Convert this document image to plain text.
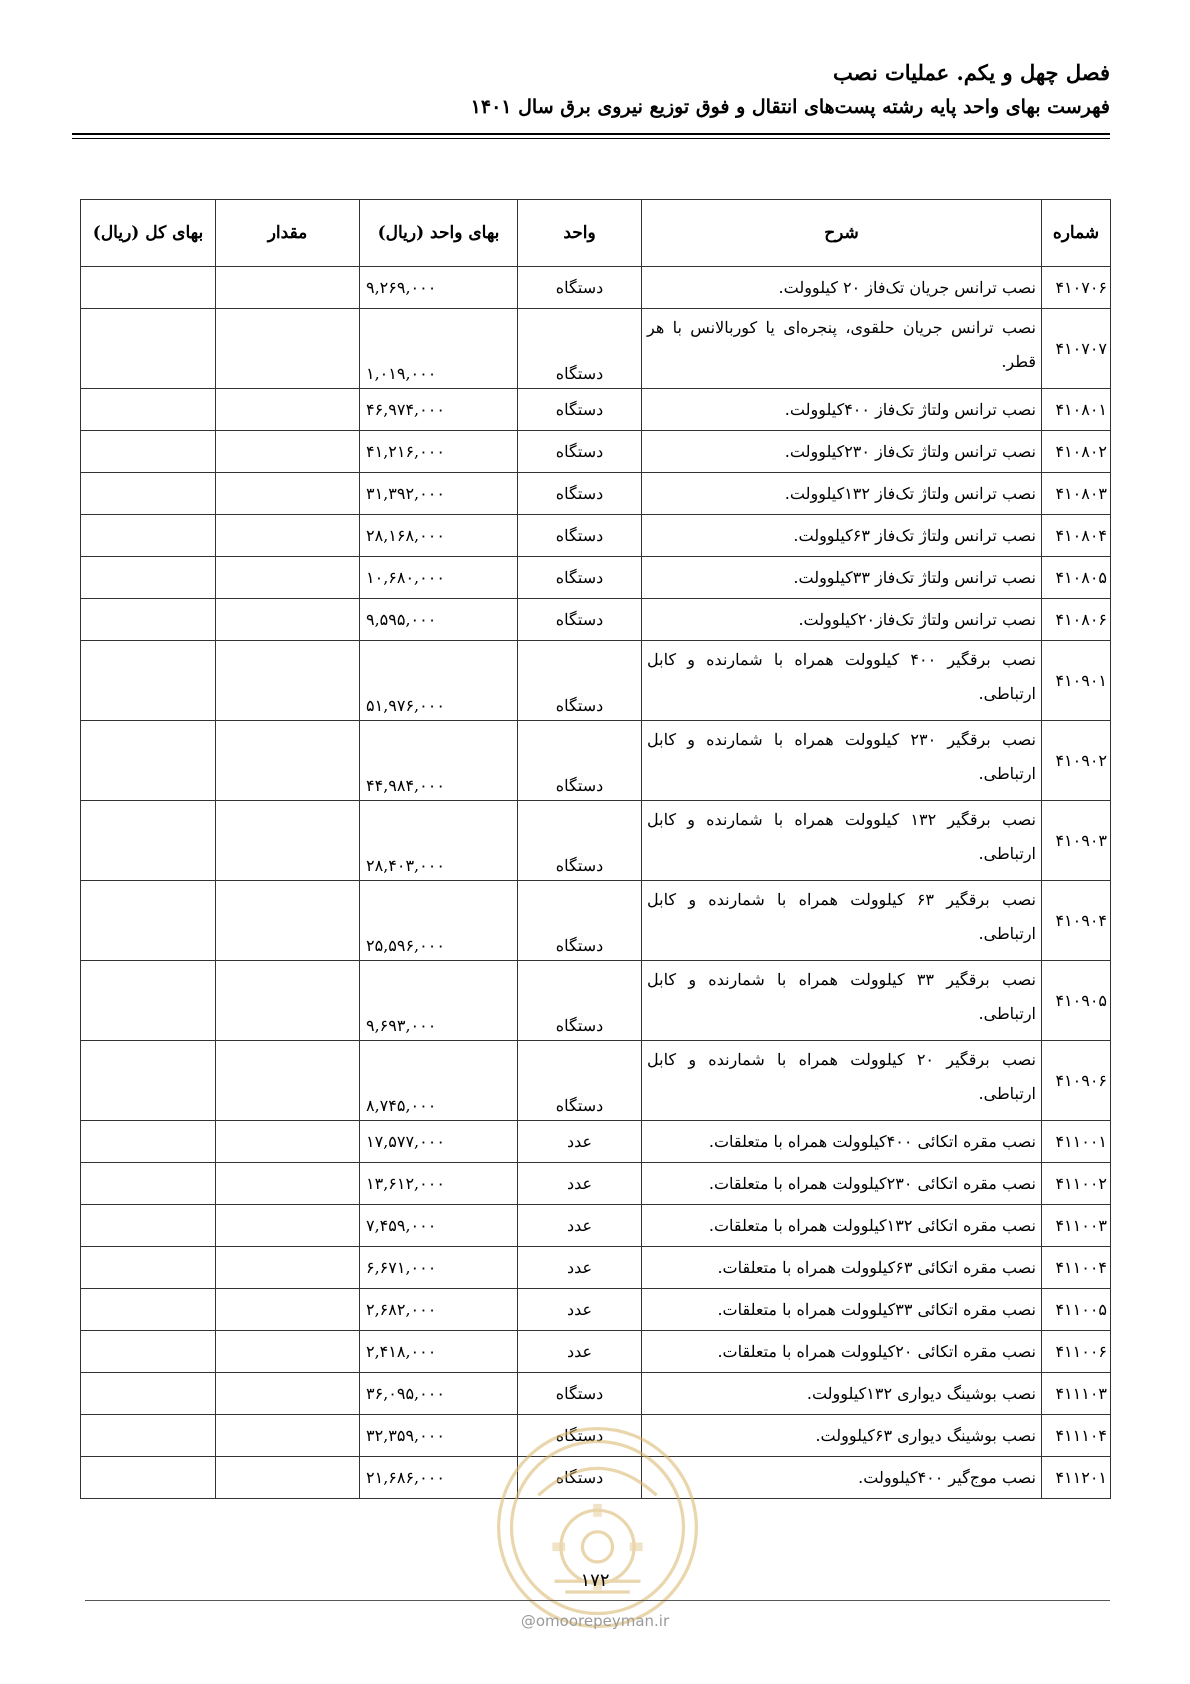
فصل چهل و یکم. عملیات نصب
فهرست بهای واحد پایه رشته پست‌های انتقال و فوق توزیع نیروی برق سال ۱۴۰۱
شماره	شرح	واحد	بهای واحد (ریال)	مقدار	بهای کل (ریال)
۴۱۰۷۰۶	نصب ترانس جریان تک‌فاز ۲۰ کیلوولت.	دستگاه	۹,۲۶۹,۰۰۰		
۴۱۰۷۰۷	نصب ترانس جریان حلقوی، پنجره‌ای یا کوربالانس با هر قطر.	دستگاه	۱,۰۱۹,۰۰۰		
۴۱۰۸۰۱	نصب ترانس ولتاژ تک‌فاز ۴۰۰کیلوولت.	دستگاه	۴۶,۹۷۴,۰۰۰		
۴۱۰۸۰۲	نصب ترانس ولتاژ تک‌فاز ۲۳۰کیلوولت.	دستگاه	۴۱,۲۱۶,۰۰۰		
۴۱۰۸۰۳	نصب ترانس ولتاژ تک‌فاز ۱۳۲کیلوولت.	دستگاه	۳۱,۳۹۲,۰۰۰		
۴۱۰۸۰۴	نصب ترانس ولتاژ تک‌فاز ۶۳کیلوولت.	دستگاه	۲۸,۱۶۸,۰۰۰		
۴۱۰۸۰۵	نصب ترانس ولتاژ تک‌فاز ۳۳کیلوولت.	دستگاه	۱۰,۶۸۰,۰۰۰		
۴۱۰۸۰۶	نصب ترانس ولتاژ تک‌فاز۲۰کیلوولت.	دستگاه	۹,۵۹۵,۰۰۰		
۴۱۰۹۰۱	نصب برقگیر ۴۰۰ کیلوولت همراه با شمارنده و کابل ارتباطی.	دستگاه	۵۱,۹۷۶,۰۰۰		
۴۱۰۹۰۲	نصب برقگیر ۲۳۰ کیلوولت همراه با شمارنده و کابل ارتباطی.	دستگاه	۴۴,۹۸۴,۰۰۰		
۴۱۰۹۰۳	نصب برقگیر ۱۳۲ کیلوولت همراه با شمارنده و کابل ارتباطی.	دستگاه	۲۸,۴۰۳,۰۰۰		
۴۱۰۹۰۴	نصب برقگیر ۶۳ کیلوولت همراه با شمارنده و کابل ارتباطی.	دستگاه	۲۵,۵۹۶,۰۰۰		
۴۱۰۹۰۵	نصب برقگیر ۳۳ کیلوولت همراه با شمارنده و کابل ارتباطی.	دستگاه	۹,۶۹۳,۰۰۰		
۴۱۰۹۰۶	نصب برقگیر ۲۰ کیلوولت همراه با شمارنده و کابل ارتباطی.	دستگاه	۸,۷۴۵,۰۰۰		
۴۱۱۰۰۱	نصب مقره اتکائی ۴۰۰کیلوولت همراه با متعلقات.	عدد	۱۷,۵۷۷,۰۰۰		
۴۱۱۰۰۲	نصب مقره اتکائی ۲۳۰کیلوولت همراه با متعلقات.	عدد	۱۳,۶۱۲,۰۰۰		
۴۱۱۰۰۳	نصب مقره اتکائی ۱۳۲کیلوولت همراه با متعلقات.	عدد	۷,۴۵۹,۰۰۰		
۴۱۱۰۰۴	نصب مقره اتکائی ۶۳کیلوولت همراه با متعلقات.	عدد	۶,۶۷۱,۰۰۰		
۴۱۱۰۰۵	نصب مقره اتکائی ۳۳کیلوولت همراه با متعلقات.	عدد	۲,۶۸۲,۰۰۰		
۴۱۱۰۰۶	نصب مقره اتکائی ۲۰کیلوولت همراه با متعلقات.	عدد	۲,۴۱۸,۰۰۰		
۴۱۱۱۰۳	نصب بوشینگ دیواری ۱۳۲کیلوولت.	دستگاه	۳۶,۰۹۵,۰۰۰		
۴۱۱۱۰۴	نصب بوشینگ دیواری ۶۳کیلوولت.	دستگاه	۳۲,۳۵۹,۰۰۰		
۴۱۱۲۰۱	نصب موج‌گیر ۴۰۰کیلوولت.	دستگاه	۲۱,۶۸۶,۰۰۰		
۱۷۲
@omoorepeyman.ir
